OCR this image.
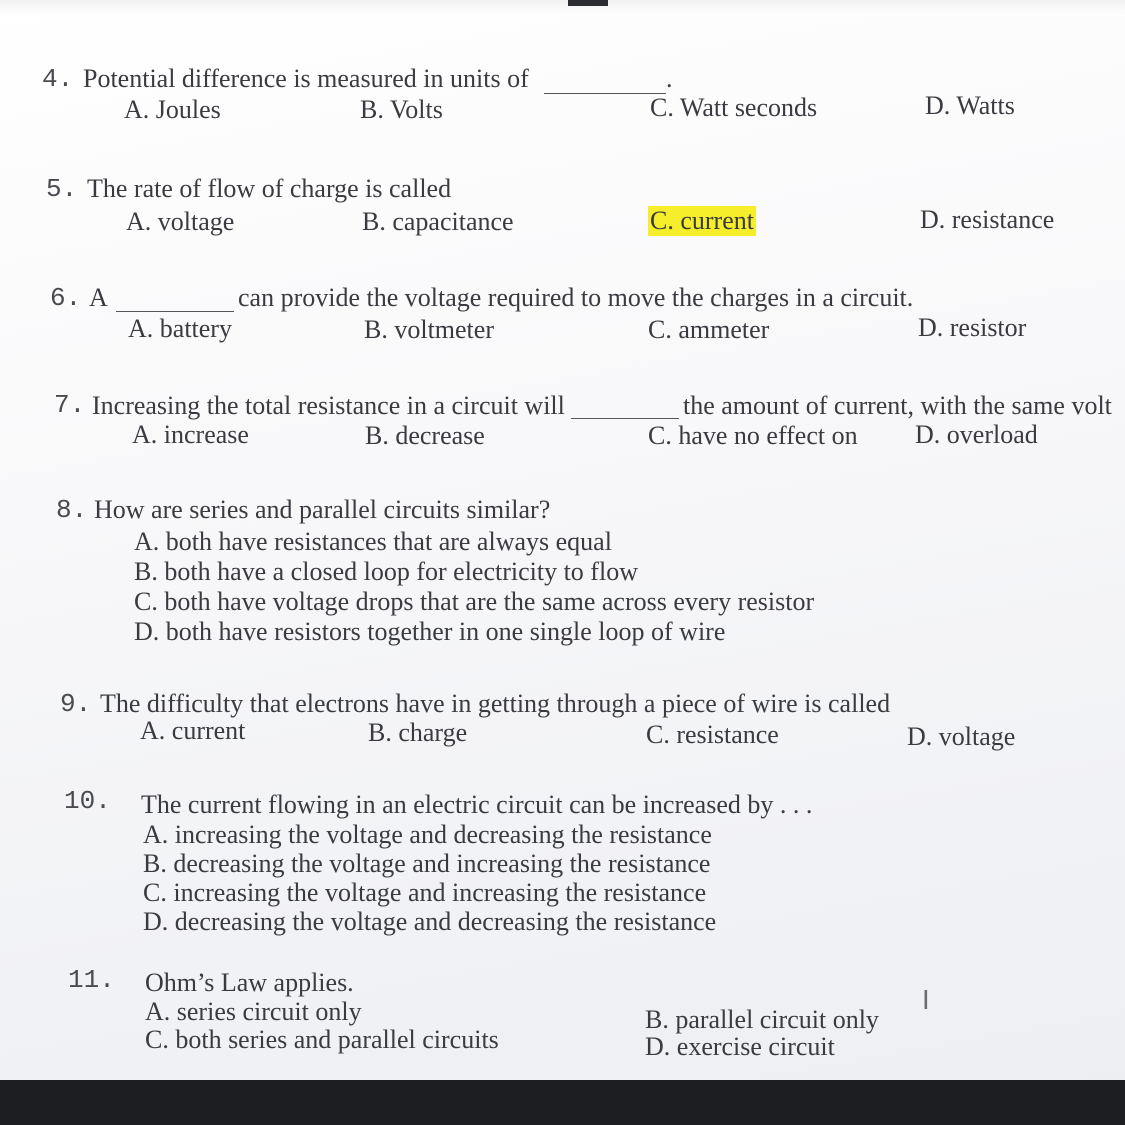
4. Potential difference is measured in units of	.
A. Joules	B. Volts	C. Watt seconds	D. Watts
5. The rate of flow of charge is called
A. voltage	B. capacitance	C. current	D. resistance
6. A	can provide the voltage required to move the charges in a circuit.
A. battery	B. voltmeter	C. ammeter	D. resistor
7. Increasing the total resistance in a circuit will	the amount of current, with the same volt
A. increase	B. decrease	C. have no effect on D. overload
8. How are series and parallel circuits similar?
A. both have resistances that are always equal
B. both have a closed loop for electricity to flow
C. both have voltage drops that are the same across every resistor
D. both have resistors together in one single loop of wire
9. The difficulty that electrons have in getting through a piece of wire is called
A. current	B. charge	C. resistance	D. voltage
10. The current flowing in an electric circuit can be increased by . . .
A. increasing the voltage and decreasing the resistance
B. decreasing the voltage and increasing the resistance
C. increasing the voltage and increasing the resistance
D. decreasing the voltage and decreasing the resistance
11. Ohm’s Law applies.
A. series circuit only	B. parallel circuit only
C. both series and parallel circuits	D. exercise circuit
I
